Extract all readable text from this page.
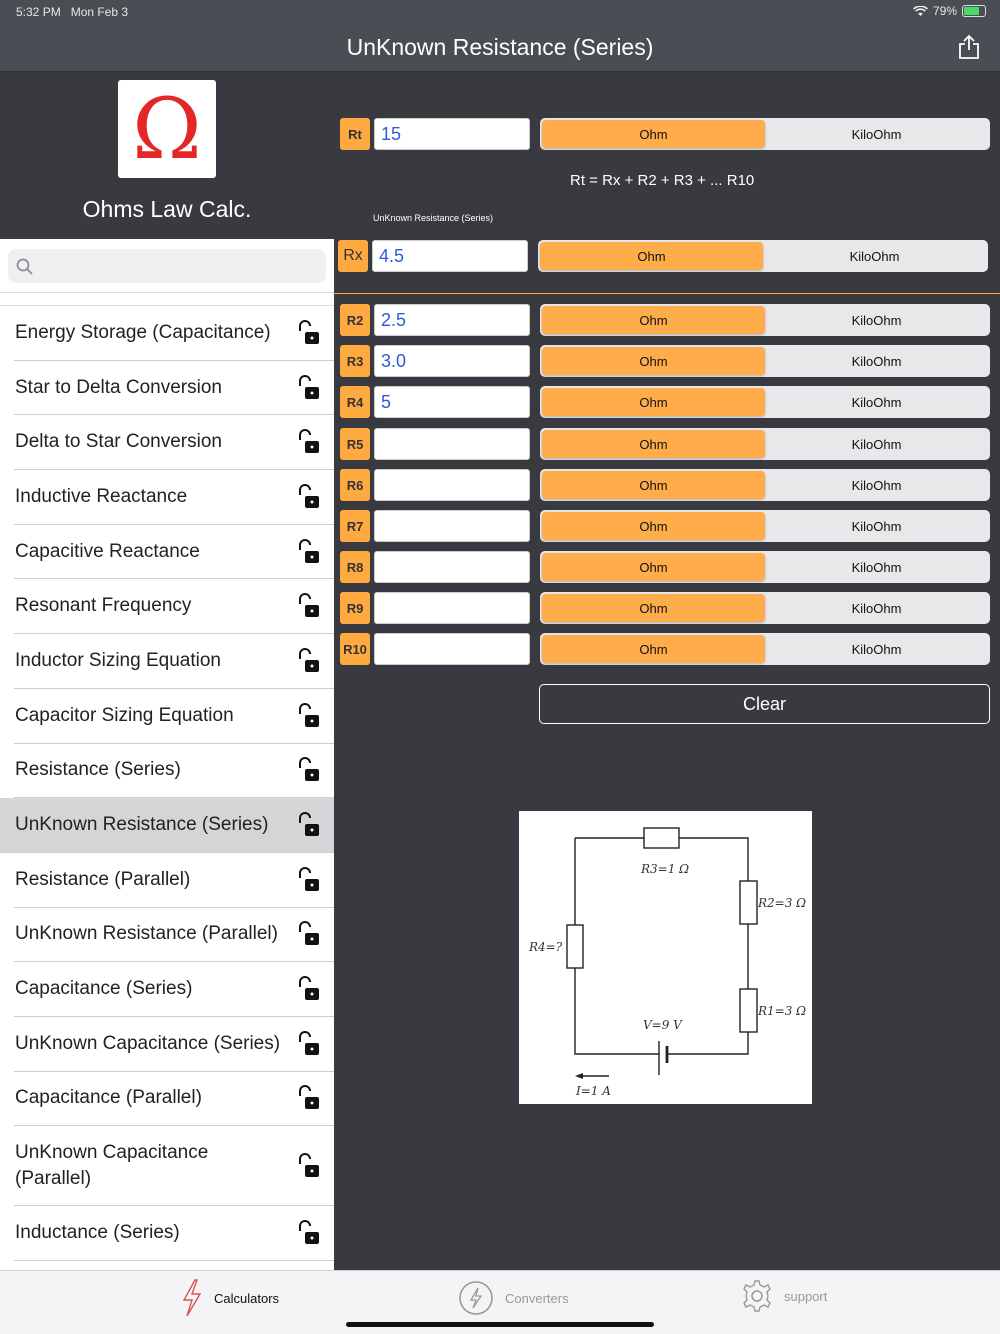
5:32 PM Mon Feb 3	79%
UnKnown Resistance (Series)
Ω
Ohms Law Calc.
Energy Storage (Capacitance)
Star to Delta Conversion
Delta to Star Conversion
Inductive Reactance
Capacitive Reactance
Resonant Frequency
Inductor Sizing Equation
Capacitor Sizing Equation
Resistance (Series)
UnKnown Resistance (Series)
Resistance (Parallel)
UnKnown Resistance (Parallel)
Capacitance (Series)
UnKnown Capacitance (Series)
Capacitance (Parallel)
UnKnown Capacitance (Parallel)
Inductance (Series)
Rt	15	Ohm	KiloOhm
Rt = Rx + R2 + R3 + ... R10
UnKnown Resistance (Series)
Rx 4.5	Ohm	KiloOhm
R2 2.5	Ohm	KiloOhm
R3 3.0	Ohm	KiloOhm
R4 5	Ohm	KiloOhm
R5	Ohm	KiloOhm
R6	Ohm	KiloOhm
R7	Ohm	KiloOhm
R8	Ohm	KiloOhm
R9	Ohm	KiloOhm
R10	Ohm	KiloOhm
Clear
R3=1 Ω
R2=3 Ω
R4=?
R1=3 Ω
V=9 V
I=1 A
Calculators	Converters	support
